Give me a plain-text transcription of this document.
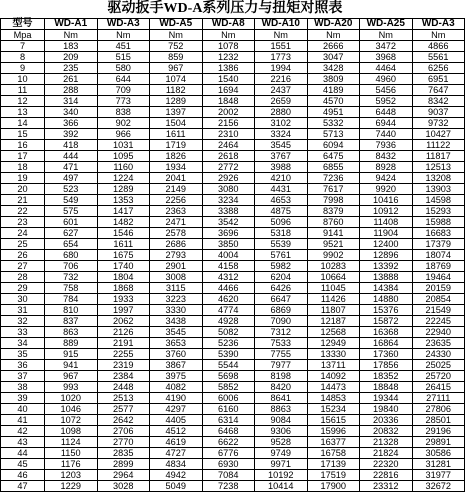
驱动扳手WD-A系列压力与扭矩对照表
型号	WD-A1	WD-A3	WD-A5	WD-A8	WD-A10	WD-A20	WD-A25	WD-A3
Mpa	Nm	Nm	Nm	Nm	Nm	Nm	Nm	Nm
7	183	451	752	1078	1551	2666	3472	4866
8	209	515	859	1232	1773	3047	3968	5561
9	235	580	967	1386	1994	3428	4464	6256
10	261	644	1074	1540	2216	3809	4960	6951
11	288	709	1182	1694	2437	4189	5456	7647
12	314	773	1289	1848	2659	4570	5952	8342
13	340	838	1397	2002	2880	4951	6448	9037
14	366	902	1504	2156	3102	5332	6944	9732
15	392	966	1611	2310	3324	5713	7440	10427
16	418	1031	1719	2464	3545	6094	7936	11122
17	444	1095	1826	2618	3767	6475	8432	11817
18	471	1160	1934	2772	3988	6855	8928	12513
19	497	1224	2041	2926	4210	7236	9424	13208
20	523	1289	2149	3080	4431	7617	9920	13903
21	549	1353	2256	3234	4653	7998	10416	14598
22	575	1417	2363	3388	4875	8379	10912	15293
23	601	1482	2471	3542	5096	8760	11408	15988
24	627	1546	2578	3696	5318	9141	11904	16683
25	654	1611	2686	3850	5539	9521	12400	17379
26	680	1675	2793	4004	5761	9902	12896	18074
27	706	1740	2901	4158	5982	10283	13392	18769
28	732	1804	3008	4312	6204	10664	13888	19464
29	758	1868	3115	4466	6426	11045	14384	20159
30	784	1933	3223	4620	6647	11426	14880	20854
31	810	1997	3330	4774	6869	11807	15376	21549
32	837	2062	3438	4928	7090	12187	15872	22245
33	863	2126	3545	5082	7312	12568	16368	22940
34	889	2191	3653	5236	7533	12949	16864	23635
35	915	2255	3760	5390	7755	13330	17360	24330
36	941	2319	3867	5544	7977	13711	17856	25025
37	967	2384	3975	5698	8198	14092	18352	25720
38	993	2448	4082	5852	8420	14473	18848	26415
39	1020	2513	4190	6006	8641	14853	19344	27111
40	1046	2577	4297	6160	8863	15234	19840	27806
41	1072	2642	4405	6314	9084	15615	20336	28501
42	1098	2706	4512	6468	9306	15996	20832	29196
43	1124	2770	4619	6622	9528	16377	21328	29891
44	1150	2835	4727	6776	9749	16758	21824	30586
45	1176	2899	4834	6930	9971	17139	22320	31281
46	1203	2964	4942	7084	10192	17519	22816	31977
47	1229	3028	5049	7238	10414	17900	23312	32672
